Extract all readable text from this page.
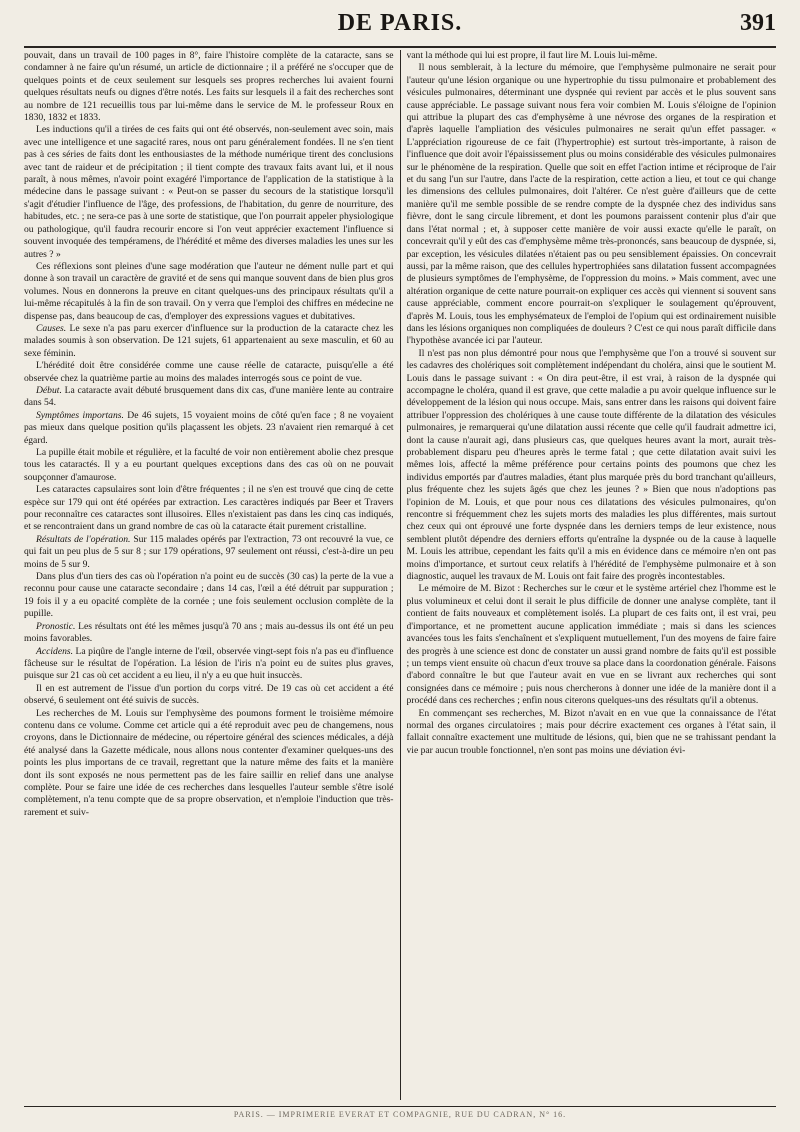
DE PARIS.	391

pouvait, dans un travail de 100 pages in 8°, faire l'histoire complète de la cataracte, sans se condamner à ne faire qu'un résumé, un article de dictionnaire ; il a préféré ne s'occuper que de quelques points et de ceux seulement sur lesquels ses propres recherches lui avaient fourni quelques résultats neufs ou dignes d'être notés. Les faits sur lesquels il a fait des recherches sont au nombre de 121 recueillis tous par lui-même dans le service de M. le professeur Roux en 1830, 1832 et 1833.

Les inductions qu'il a tirées de ces faits qui ont été observés, non-seulement avec soin, mais avec une intelligence et une sagacité rares, nous ont paru généralement fondées. Il ne s'en tient pas à ces séries de faits dont les enthousiastes de la méthode numérique tirent des conclusions avec tant de raideur et de précipitation ; il tient compte des travaux faits avant lui, et il nous paraît, à nous mêmes, n'avoir point exagéré l'importance de l'application de la statistique à la médecine dans le passage suivant : « Peut-on se passer du secours de la statistique lorsqu'il s'agit d'étudier l'influence de l'âge, des professions, de l'habitation, du genre de nourriture, des habitudes, etc. ; ne sera-ce pas à une sorte de statistique, que l'on pourrait appeler physiologique ou pathologique, qu'il faudra recourir encore si l'on veut apprécier exactement l'influence si souvent invoquée des tempéramens, de l'hérédité et même des diverses maladies les unes sur les autres ? »

Ces réflexions sont pleines d'une sage modération que l'auteur ne dément nulle part et qui donne à son travail un caractère de gravité et de sens qui manque souvent dans de bien plus gros volumes. Nous en donnerons la preuve en citant quelques-uns des principaux résultats qu'il a lui-même récapitulés à la fin de son travail. On y verra que l'emploi des chiffres en médecine ne dispense pas, dans beaucoup de cas, d'employer des expressions vagues et dubitatives.

Causes. Le sexe n'a pas paru exercer d'influence sur la production de la cataracte chez les malades soumis à son observation. De 121 sujets, 61 appartenaient au sexe masculin, et 60 au sexe féminin.

L'hérédité doit être considérée comme une cause réelle de cataracte, puisqu'elle a été observée chez la quatrième partie au moins des malades interrogés sous ce point de vue.

Début. La cataracte avait débuté brusquement dans dix cas, d'une manière lente au contraire dans 54.

Symptômes importans. De 46 sujets, 15 voyaient moins de côté qu'en face ; 8 ne voyaient pas mieux dans quelque position qu'ils plaçassent les objets. 23 n'avaient rien remarqué à cet égard.

La pupille était mobile et régulière, et la faculté de voir non entièrement abolie chez presque tous les cataractés. Il y a eu pourtant quelques exceptions dans des cas où on ne pouvait soupçonner d'amaurose.

Les cataractes capsulaires sont loin d'être fréquentes ; il ne s'en est trouvé que cinq de cette espèce sur 179 qui ont été opérées par extraction. Les caractères indiqués par Beer et Travers pour reconnaître ces cataractes sont illusoires. Elles n'existaient pas dans les cinq cas indiqués, et se rencontraient dans un grand nombre de cas où la cataracte était purement cristalline.

Résultats de l'opération. Sur 115 malades opérés par l'extraction, 73 ont recouvré la vue, ce qui fait un peu plus de 5 sur 8 ; sur 179 opérations, 97 seulement ont réussi, c'est-à-dire un peu moins de 5 sur 9.

Dans plus d'un tiers des cas où l'opération n'a point eu de succès (30 cas) la perte de la vue a reconnu pour cause une cataracte secondaire ; dans 14 cas, l'œil a été détruit par suppuration ; 19 fois il y a eu opacité complète de la cornée ; une fois seulement occlusion complète de la pupille.

Pronostic. Les résultats ont été les mêmes jusqu'à 70 ans ; mais au-dessus ils ont été un peu moins favorables.

Accidens. La piqûre de l'angle interne de l'œil, observée vingt-sept fois n'a pas eu d'influence fâcheuse sur le résultat de l'opération. La lésion de l'iris n'a point eu de suites plus graves, puisque sur 21 cas où cet accident a eu lieu, il n'y a eu que huit insuccès.

Il en est autrement de l'issue d'un portion du corps vitré. De 19 cas où cet accident a été observé, 6 seulement ont été suivis de succès.

Les recherches de M. Louis sur l'emphysème des poumons forment le troisième mémoire contenu dans ce volume. Comme cet article qui a été reproduit avec peu de changemens, nous croyons, dans le Dictionnaire de médecine, ou répertoire général des sciences médicales, a déjà été analysé dans la Gazette médicale, nous allons nous contenter d'examiner quelques-uns des points les plus importans de ce travail, regrettant que la nature même des faits et la manière dont ils sont exposés ne nous permettent pas de les faire saillir en relief dans une analyse complète. Pour se faire une idée de ces recherches dans lesquelles l'auteur semble s'être isolé complètement, n'a tenu compte que de sa propre observation, et n'emploie l'induction que très-rarement et suiv-

vant la méthode qui lui est propre, il faut lire M. Louis lui-même.

Il nous semblerait, à la lecture du mémoire, que l'emphysème pulmonaire ne serait pour l'auteur qu'une lésion organique ou une hypertrophie du tissu pulmonaire et probablement des vésicules pulmonaires, déterminant une dyspnée qui revient par accès et le plus souvent sans cause appréciable. Le passage suivant nous fera voir combien M. Louis s'éloigne de l'opinion qui attribue la plupart des cas d'emphysème à une névrose des organes de la respiration et d'après laquelle l'ampliation des vésicules pulmonaires ne serait qu'un effet passager. « L'appréciation rigoureuse de ce fait (l'hypertrophie) est surtout très-importante, à raison de l'influence que doit avoir l'épaississement plus ou moins considérable des vésicules pulmonaires sur le phénomène de la respiration. Quelle que soit en effet l'action intime et réciproque de l'air et du sang l'un sur l'autre, dans l'acte de la respiration, cette action a lieu, et tout ce qui change les dimensions des cellules pulmonaires, doit l'altérer. Ce n'est guère d'ailleurs que de cette manière qu'il me semble possible de se rendre compte de la dyspnée chez des individus sans fièvre, dont le sang circule librement, et dont les poumons paraissent contenir plus d'air que dans l'état normal ; et, à supposer cette manière de voir aussi exacte qu'elle le paraît, on concevrait qu'il y eût des cas d'emphysème même très-prononcés, sans beaucoup de dyspnée, si, par exception, les vésicules dilatées n'étaient pas ou peu sensiblement épaissies. On concevrait aussi, par la même raison, que des cellules hypertrophiées sans dilatation fussent accompagnées de plusieurs symptômes de l'emphysème, de l'oppression du moins. » Mais comment, avec une altération organique de cette nature pourrait-on expliquer ces accès qui viennent si souvent sans cause appréciable, comment encore pourrait-on s'expliquer le soulagement qu'éprouvent, d'après M. Louis, tous les emphysémateux de l'emploi de l'opium qui est ordinairement nuisible dans les lésions organiques non compliquées de douleurs ? C'est ce qui nous paraît difficile dans l'hypothèse avancée ici par l'auteur.

Il n'est pas non plus démontré pour nous que l'emphysème que l'on a trouvé si souvent sur les cadavres des cholériques soit complètement indépendant du choléra, ainsi que le soutient M. Louis dans le passage suivant : « On dira peut-être, il est vrai, à raison de la dyspnée qui accompagne le choléra, quand il est grave, que cette maladie a pu avoir quelque influence sur le développement de la lésion qui nous occupe. Mais, sans entrer dans les raisons qui doivent faire attribuer l'oppression des cholériques à une cause toute différente de la dilatation des vésicules pulmonaires, je remarquerai qu'une dilatation aussi récente que celle qu'il faudrait admettre ici, dont la cause n'aurait agi, dans plusieurs cas, que quelques heures avant la mort, aurait très-probablement disparu peu d'heures après le terme fatal ; que cette dilatation avait suivi les mêmes lois, affecté la même préférence pour certains points des poumons que chez les individus emportés par d'autres maladies, étant plus marquée près du bord tranchant qu'ailleurs, plus fréquente chez les sujets âgés que chez les jeunes ? » Bien que nous n'adoptions pas l'opinion de M. Louis, et que pour nous ces dilatations des vésicules pulmonaires, qu'on rencontre si fréquemment chez les sujets morts des maladies les plus différentes, mais surtout chez ceux qui ont éprouvé une forte dyspnée dans les derniers temps de leur existence, nous semblent plutôt dépendre des derniers efforts qu'entraîne la dyspnée ou de la cause à laquelle M. Louis les attribue, cependant les faits qu'il a mis en évidence dans ce mémoire n'en ont pas moins d'importance, et surtout ceux relatifs à l'hérédité de l'emphysème pulmonaire et à son diagnostic, auquel les travaux de M. Louis ont fait faire des progrès incontestables.

Le mémoire de M. Bizot : Recherches sur le cœur et le système artériel chez l'homme est le plus volumineux et celui dont il serait le plus difficile de donner une analyse complète, tant il contient de faits nouveaux et complètement isolés. La plupart de ces faits ont, il est vrai, peu d'importance, et ne promettent aucune application immédiate ; mais si dans les sciences avancées tous les faits s'enchaînent et s'expliquent mutuellement, l'un des moyens de faire faire des progrès à une science est donc de constater un aussi grand nombre de faits qu'il est possible ; un temps vient ensuite où chacun d'eux trouve sa place dans la coordonation générale. Faisons d'abord connaître le but que l'auteur avait en vue en se livrant aux recherches qui sont consignées dans ce mémoire ; puis nous chercherons à donner une idée de la manière dont il a procédé dans ces recherches ; enfin nous citerons quelques-uns des résultats qu'il a obtenus.

En commençant ses recherches, M. Bizot n'avait en en vue que la connaissance de l'état normal des organes circulatoires ; mais pour décrire exactement ces organes à l'état sain, il fallait connaître exactement une multitude de lésions, qui, bien que ne se trahissant pendant la vie par aucun trouble fonctionnel, n'en sont pas moins une déviation évi-

PARIS. — IMPRIMERIE EVERAT ET COMPAGNIE, RUE DU CADRAN, N° 16.
